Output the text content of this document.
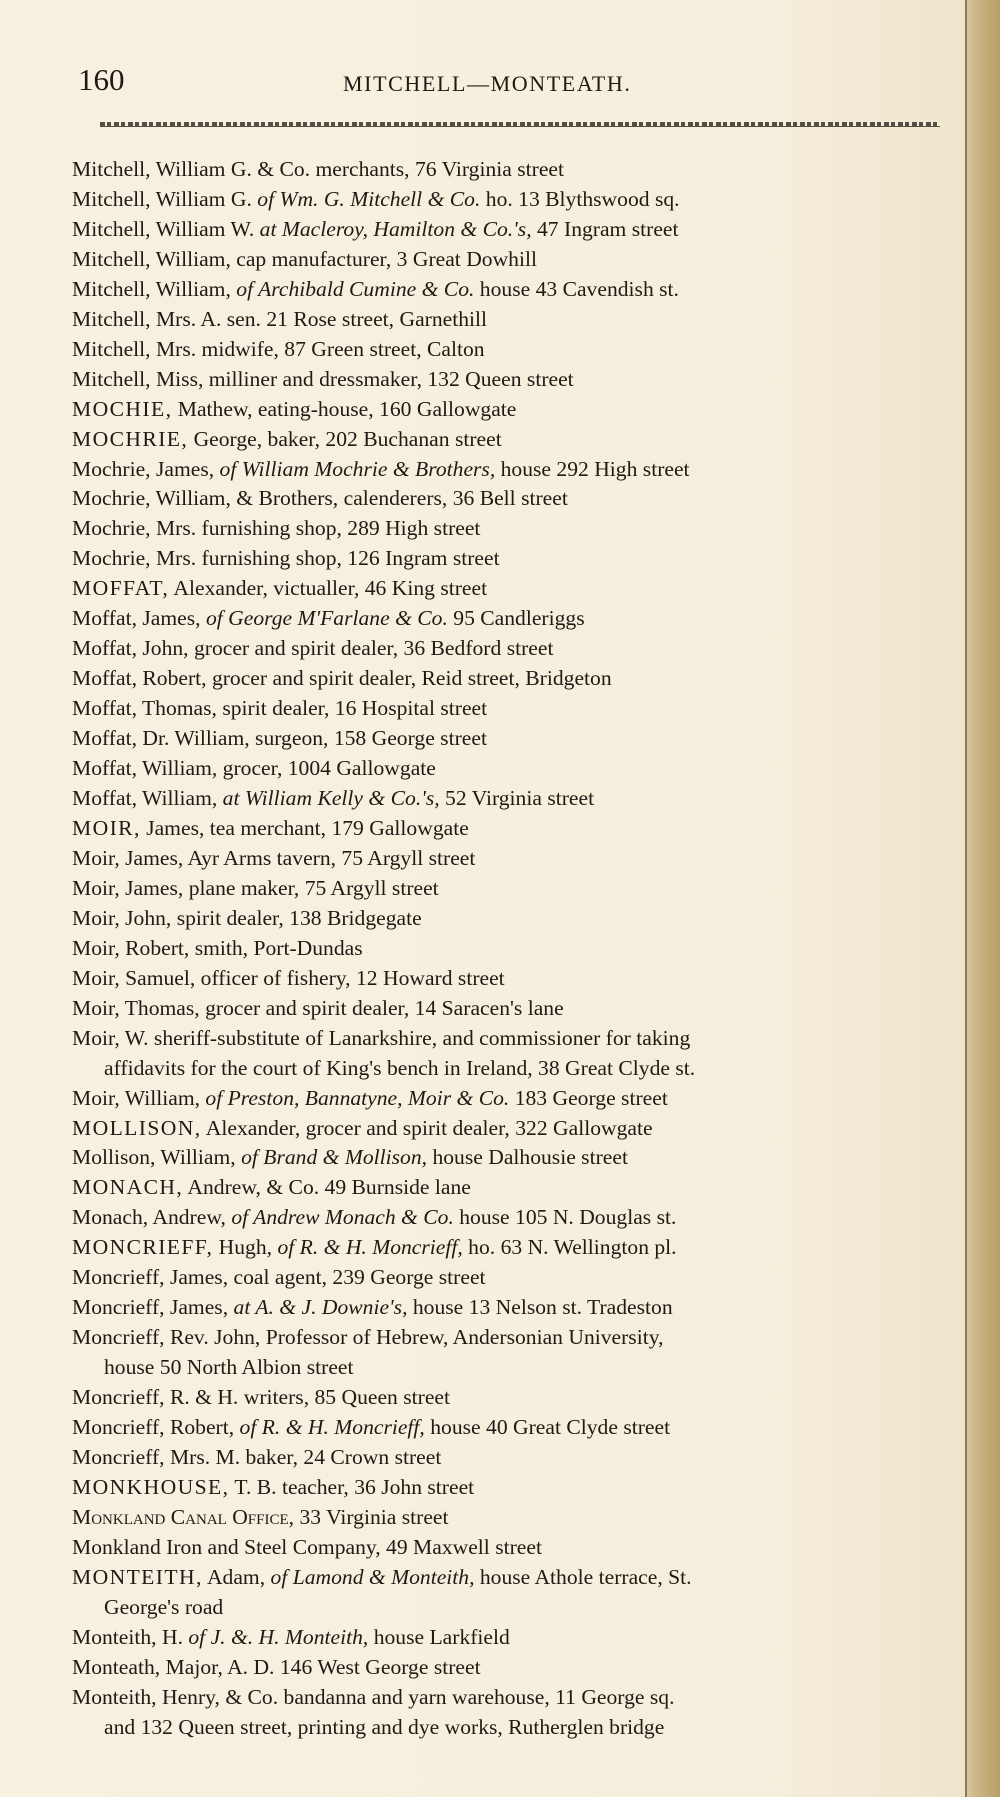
160	MITCHELL—MONTEATH.
Mitchell, William G. & Co. merchants, 76 Virginia street
Mitchell, William G. of Wm. G. Mitchell & Co. ho. 13 Blythswood sq.
Mitchell, William W. at Macleroy, Hamilton & Co.'s, 47 Ingram street
Mitchell, William, cap manufacturer, 3 Great Dowhill
Mitchell, William, of Archibald Cumine & Co. house 43 Cavendish st.
Mitchell, Mrs. A. sen. 21 Rose street, Garnethill
Mitchell, Mrs. midwife, 87 Green street, Calton
Mitchell, Miss, milliner and dressmaker, 132 Queen street
MOCHIE, Mathew, eating-house, 160 Gallowgate
MOCHRIE, George, baker, 202 Buchanan street
Mochrie, James, of William Mochrie & Brothers, house 292 High street
Mochrie, William, & Brothers, calenderers, 36 Bell street
Mochrie, Mrs. furnishing shop, 289 High street
Mochrie, Mrs. furnishing shop, 126 Ingram street
MOFFAT, Alexander, victualler, 46 King street
Moffat, James, of George M'Farlane & Co. 95 Candleriggs
Moffat, John, grocer and spirit dealer, 36 Bedford street
Moffat, Robert, grocer and spirit dealer, Reid street, Bridgeton
Moffat, Thomas, spirit dealer, 16 Hospital street
Moffat, Dr. William, surgeon, 158 George street
Moffat, William, grocer, 1004 Gallowgate
Moffat, William, at William Kelly & Co.'s, 52 Virginia street
MOIR, James, tea merchant, 179 Gallowgate
Moir, James, Ayr Arms tavern, 75 Argyll street
Moir, James, plane maker, 75 Argyll street
Moir, John, spirit dealer, 138 Bridgegate
Moir, Robert, smith, Port-Dundas
Moir, Samuel, officer of fishery, 12 Howard street
Moir, Thomas, grocer and spirit dealer, 14 Saracen's lane
Moir, W. sheriff-substitute of Lanarkshire, and commissioner for taking
affidavits for the court of King's bench in Ireland, 38 Great Clyde st.
Moir, William, of Preston, Bannatyne, Moir & Co. 183 George street
MOLLISON, Alexander, grocer and spirit dealer, 322 Gallowgate
Mollison, William, of Brand & Mollison, house Dalhousie street
MONACH, Andrew, & Co. 49 Burnside lane
Monach, Andrew, of Andrew Monach & Co. house 105 N. Douglas st.
MONCRIEFF, Hugh, of R. & H. Moncrieff, ho. 63 N. Wellington pl.
Moncrieff, James, coal agent, 239 George street
Moncrieff, James, at A. & J. Downie's, house 13 Nelson st. Tradeston
Moncrieff, Rev. John, Professor of Hebrew, Andersonian University,
house 50 North Albion street
Moncrieff, R. & H. writers, 85 Queen street
Moncrieff, Robert, of R. & H. Moncrieff, house 40 Great Clyde street
Moncrieff, Mrs. M. baker, 24 Crown street
MONKHOUSE, T. B. teacher, 36 John street
Monkland Canal Office, 33 Virginia street
Monkland Iron and Steel Company, 49 Maxwell street
MONTEITH, Adam, of Lamond & Monteith, house Athole terrace, St.
George's road
Monteith, H. of J. &. H. Monteith, house Larkfield
Monteath, Major, A. D. 146 West George street
Monteith, Henry, & Co. bandanna and yarn warehouse, 11 George sq.
and 132 Queen street, printing and dye works, Rutherglen bridge
